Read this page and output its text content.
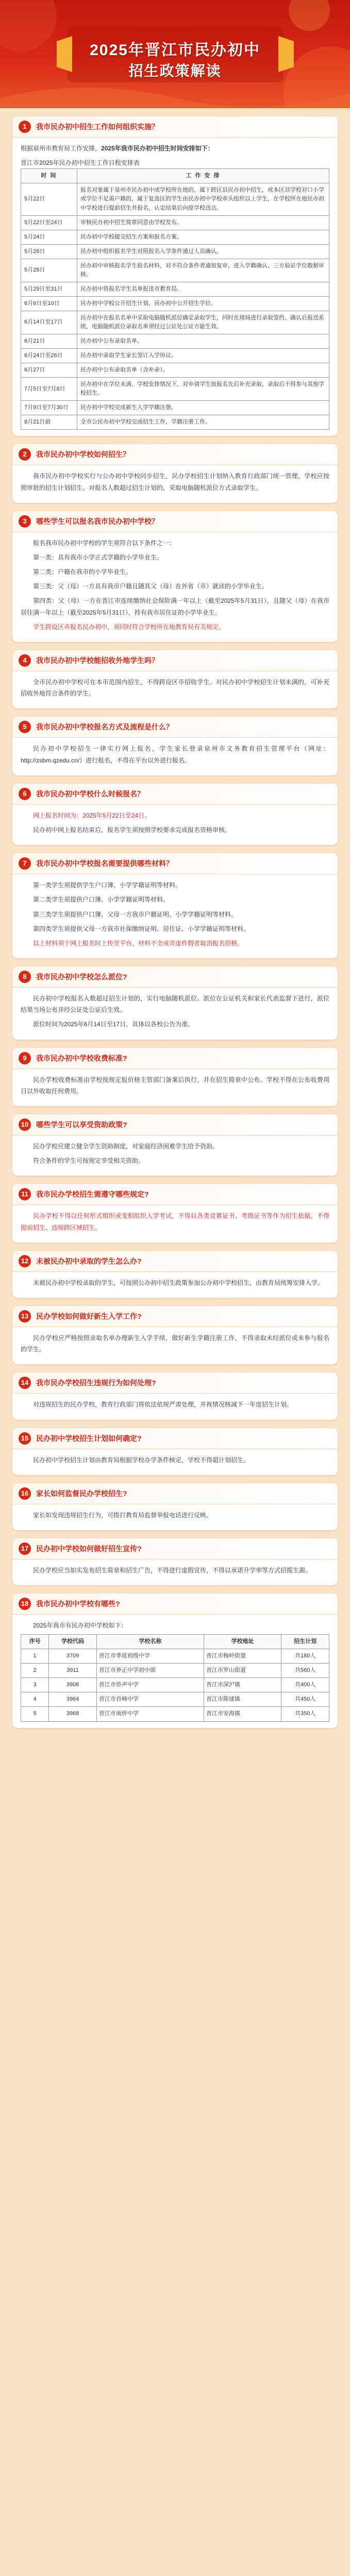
2025年晋江市民办初中
招生政策解读
1	我市民办初中招生工作如何组织实施？

根据泉州市教育局工作安排，2025年我市民办初中招生时间安排如下：

晋江市2025年民办初中招生工作日程安排表
时 间	工 作 安 排
5月22日	报名对象属于泉州市民办初中或学校所在地的，属于跨区县民办初中招生，或本区县学校对口小学或学位不足需户籍的，属于复选区的学生由民办初中学校牵头组织以上学生，在学校所在地民办初中学校进行提前招生并报名，认定结果后向原学校送达。
5月22日至24日	审核民办初中招生简章同意由学校发布。
5月24日	民办初中学校提交招生方案和报名方案。
5月26日	民办初中组织报名学生对照报名入学条件通过人员确认。
5月28日	民办初中审核报名学生报名材料，对不符合条件者通知复审，进入学籍确认、三方验证学位数据审核。
5月29日至31日	民办初中将报名学生名单报送市教育局。
6月6日至10日	民办初中学校公开招生计划、民办初中公开招生学位。
6月14日至17日	民办初中在报名名单中采取电脑随机派位确定录取学生，同时在现场进行录取签约，确认后报送系统，电脑随机派位录取名单须经过公证处公证方能生效。
6月21日	民办初中公布录取名单。
6月24日至26日	民办初中录取学生家长签订入学协议。
6月27日	民办初中公布录取名单（含补录）。
7月5日至7月8日	民办初中在学位未满、学校安排情况下，对申请学生按报名先后补充录取，录取后不得参与其他学校招生。
7月9日至7月30日	民办初中学校完成新生入学学籍注册。
8月21日前	全市公民办初中学校完成招生工作，学籍注册工作。
2	我市民办初中学校如何招生？

我市民办初中学校实行与公办初中学校同步招生，民办学校招生计划纳入教育行政部门统一管理，学校应按照审批的招生计划招生。对报名人数超过招生计划的，采取电脑随机派位方式录取学生。

3	哪些学生可以报名我市民办初中学校？

报名我市民办初中学校的学生须符合以下条件之一：

第一类：具有我市小学正式学籍的小学毕业生。

第二类：户籍在我市的小学毕业生。

第三类：父（母）一方具有我市户籍且随其父（母）在外省（市）就读的小学毕业生。

第四类：父（母）一方在晋江市连续缴纳社会保险满一年以上（截至2025年5月31日），且随父（母）在我市居住满一年以上（截至2025年5月31日），持有我市居住证的小学毕业生。

学生跨设区市报名民办初中，须同时符合学校所在地教育局有关规定。

4	我市民办初中学校能招收外地学生吗？

全市民办初中学校可在本市范围内招生，不得跨设区市招收学生。对民办初中学校招生计划未满的，可补充招收外地符合条件的学生。

5	我市民办初中学校报名方式及流程是什么？

民办初中学校招生一律实行网上报名，学生家长登录泉州市义务教育招生管理平台（网址：http://zsbm.qzedu.cn/）进行报名，不得在平台以外进行报名。

6	我市民办初中学校什么时候报名？

网上报名时间为：2025年5月22日至24日。

民办初中网上报名结束后，报名学生须按照学校要求完成报名资格审核。

7	我市民办初中学校报名需要提供哪些材料？

第一类学生须提供学生户口簿、小学学籍证明等材料。

第二类学生须提供户口簿、小学学籍证明等材料。

第三类学生须提供户口簿、父母一方我市户籍证明、小学学籍证明等材料。

第四类学生须提供父母一方我市社保缴纳证明、居住证、小学学籍证明等材料。

以上材料须于网上报名时上传至平台，材料不全或弄虚作假者取消报名资格。

8	我市民办初中学校怎么派位?

民办初中学校报名人数超过招生计划的，实行电脑随机派位。派位在公证机关和家长代表监督下进行，派位结果当场公布并经公证处公证后生效。

派位时间为2025年6月14日至17日，具体以各校公告为准。

9	我市民办初中学校收费标准?

民办学校收费标准由学校按规定报价格主管部门备案后执行，并在招生简章中公布。学校不得在公布收费项目以外收取任何费用。

10	哪些学生可以享受资助政策?

民办学校应建立健全学生资助制度，对家庭经济困难学生给予资助。

符合条件的学生可按规定享受相关资助。

11	我市民办学校招生需遵守哪些规定?

民办学校不得以任何形式组织或变相组织入学考试，不得以各类竞赛证书、考级证书等作为招生依据，不得提前招生、违规跨区域招生。

12	未被民办初中录取的学生怎么办?

未被民办初中学校录取的学生，可按照公办初中招生政策参加公办初中学校招生，由教育局统筹安排入学。

13	民办学校如何做好新生入学工作?

民办学校应严格按照录取名单办理新生入学手续，做好新生学籍注册工作，不得录取未经派位或未参与报名的学生。

14	我市民办学校招生违规行为如何处理?

对违规招生的民办学校，教育行政部门将依法依规严肃处理，并视情况核减下一年度招生计划。

15	民办初中学校招生计划如何确定?

民办初中学校招生计划由教育局根据学校办学条件核定，学校不得超计划招生。

16	家长如何监督民办学校招生?

家长如发现违规招生行为，可拨打教育局监督举报电话进行反映。

17	民办初中学校如何做好招生宣传?

民办学校应当如实发布招生简章和招生广告，不得进行虚假宣传，不得以承诺升学率等方式招揽生源。

18	我市民办初中学校有哪些?

2025年我市有民办初中学校如下：

序号	学校代码	学校名称	学校地址	招生计划
1	3709	晋江市季延初级中学	晋江市梅岭街道	共180人
2	3911	晋江市养正中学初中部	晋江市罗山街道	共560人
3	3908	晋江市侨声中学	晋江市深沪镇	共400人
4	3964	晋江市首峰中学	晋江市陈埭镇	共450人
5	3968	晋江市南侨中学	晋江市安海镇	共350人
